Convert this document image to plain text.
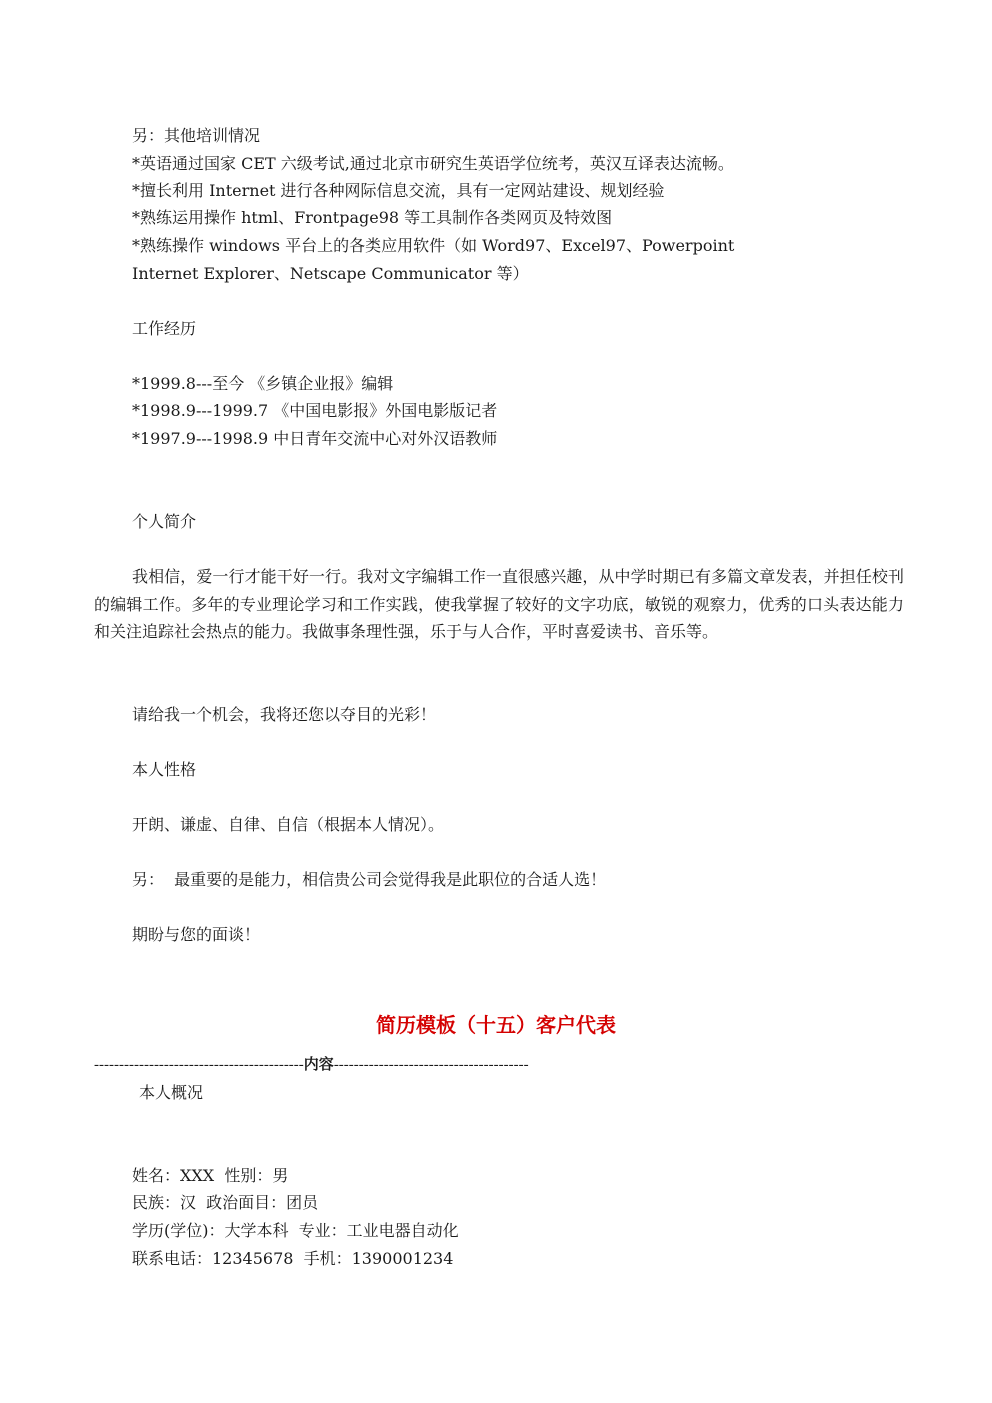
另：其他培训情况
*英语通过国家 CET 六级考试,通过北京市研究生英语学位统考，英汉互译表达流畅。
*擅长利用 Internet 进行各种网际信息交流，具有一定网站建设、规划经验
*熟练运用操作 html、Frontpage98 等工具制作各类网页及特效图
*熟练操作 windows 平台上的各类应用软件（如 Word97、Excel97、Powerpoint
Internet Explorer、Netscape Communicator 等）
工作经历
*1999.8---至今 《乡镇企业报》编辑
*1998.9---1999.7 《中国电影报》外国电影版记者
*1997.9---1998.9 中日青年交流中心对外汉语教师
个人简介
我相信，爱一行才能干好一行。我对文字编辑工作一直很感兴趣，从中学时期已有多篇文章发表，并担任校刊的编辑工作。多年的专业理论学习和工作实践，使我掌握了较好的文字功底，敏锐的观察力，优秀的口头表达能力和关注追踪社会热点的能力。我做事条理性强，乐于与人合作，平时喜爱读书、音乐等。
请给我一个机会，我将还您以夺目的光彩！
本人性格
开朗、谦虚、自律、自信（根据本人情况）。
另：  最重要的是能力，相信贵公司会觉得我是此职位的合适人选！
期盼与您的面谈！
简历模板（十五）客户代表
------------------------------------------内容---------------------------------------
本人概况
姓名：XXX  性别：男
民族：汉  政治面目：团员
学历(学位)：大学本科  专业：工业电器自动化
联系电话：12345678  手机：1390001234
